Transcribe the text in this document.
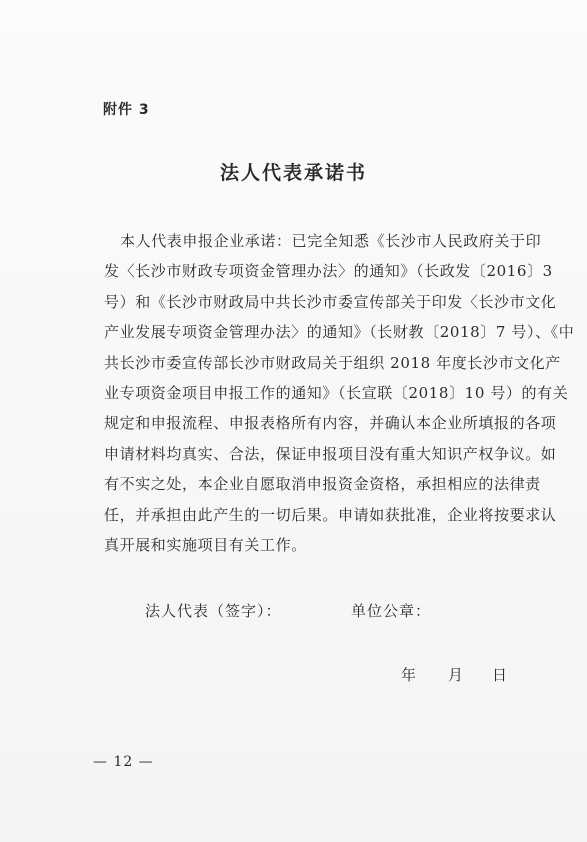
附件 3
法人代表承诺书
本人代表申报企业承诺：已完全知悉《长沙市人民政府关于印
发〈长沙市财政专项资金管理办法〉的通知》（长政发〔2016〕3
号）和《长沙市财政局中共长沙市委宣传部关于印发〈长沙市文化
产业发展专项资金管理办法〉的通知》（长财教〔2018〕7 号）、《中
共长沙市委宣传部长沙市财政局关于组织 2018 年度长沙市文化产
业专项资金项目申报工作的通知》（长宣联〔2018〕10 号）的有关
规定和申报流程、申报表格所有内容，并确认本企业所填报的各项
申请材料均真实、合法，保证申报项目没有重大知识产权争议。如
有不实之处，本企业自愿取消申报资金资格，承担相应的法律责
任，并承担由此产生的一切后果。申请如获批准，企业将按要求认
真开展和实施项目有关工作。
法人代表（签字）：	单位公章：
年 月 日
— 12 —
